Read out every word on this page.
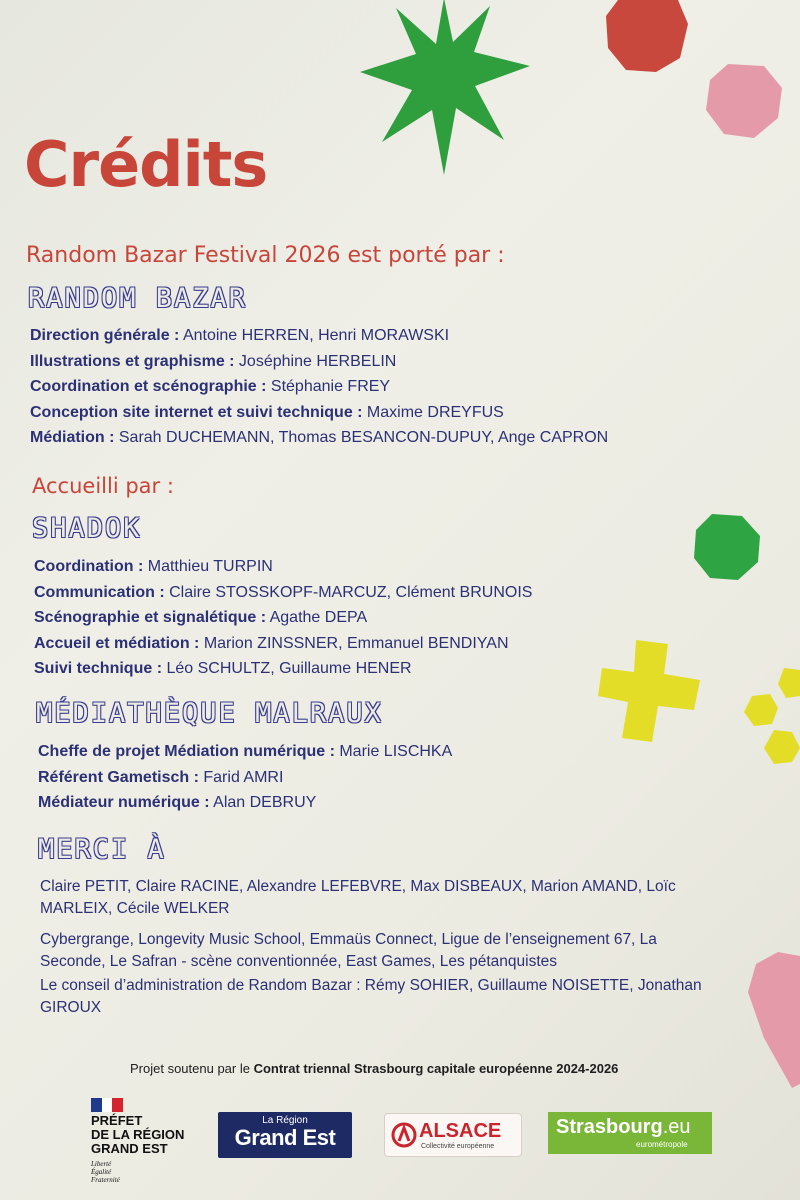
Crédits

Random Bazar Festival 2026 est porté par :

RANDOM BAZAR
Direction générale : Antoine HERREN, Henri MORAWSKI
Illustrations et graphisme : Joséphine HERBELIN
Coordination et scénographie : Stéphanie FREY
Conception site internet et suivi technique : Maxime DREYFUS
Médiation : Sarah DUCHEMANN, Thomas BESANCON-DUPUY, Ange CAPRON

Accueilli par :

SHADOK
Coordination : Matthieu TURPIN
Communication : Claire STOSSKOPF-MARCUZ, Clément BRUNOIS
Scénographie et signalétique : Agathe DEPA
Accueil et médiation : Marion ZINSSNER, Emmanuel BENDIYAN
Suivi technique : Léo SCHULTZ, Guillaume HENER
MÉDIATHÈQUE MALRAUX
Cheffe de projet Médiation numérique : Marie LISCHKA
Référent Gametisch : Farid AMRI
Médiateur numérique : Alan DEBRUY
MERCI À

Claire PETIT, Claire RACINE, Alexandre LEFEBVRE, Max DISBEAUX, Marion AMAND, Loïc MARLEIX, Cécile WELKER

Cybergrange, Longevity Music School, Emmaüs Connect, Ligue de l’enseignement 67, La Seconde, Le Safran - scène conventionnée, East Games, Les pétanquistes

Le conseil d’administration de Random Bazar : Rémy SOHIER, Guillaume NOISETTE, Jonathan GIROUX

Projet soutenu par le Contrat triennal Strasbourg capitale européenne 2024-2026

PRÉFET
DE LA RÉGION
GRAND EST
Liberté
Égalité
Fraternité
La Région
Grand Est	ALSACE
Collectivité européenne
Strasbourg.eu
eurométropole
